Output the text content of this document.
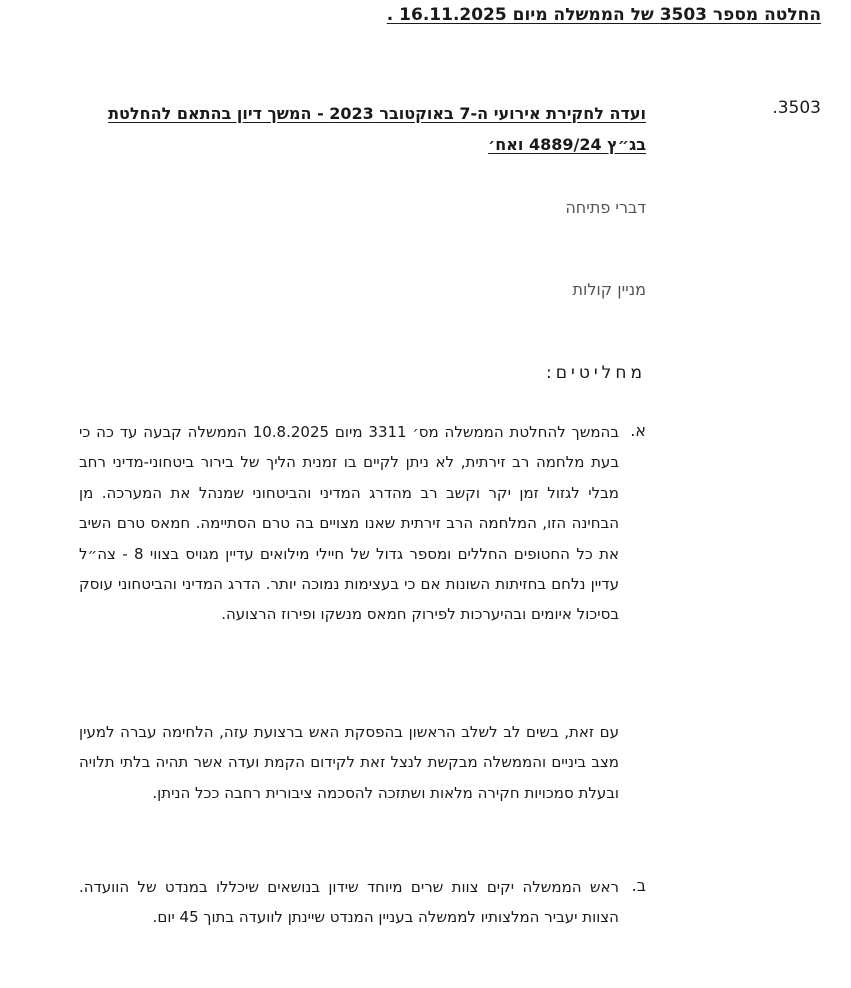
החלטה מספר 3503 של הממשלה מיום 16.11.2025 .
3503.
ועדה לחקירת אירועי ה-7 באוקטובר 2023 - המשך דיון בהתאם להחלטת בג״ץ 4889/24 ואח׳
דברי פתיחה
מניין קולות
מחליטים:
א.
בהמשך להחלטת הממשלה מס׳ 3311 מיום 10.8.2025 הממשלה קבעה עד כה כי בעת מלחמה רב זירתית, לא ניתן לקיים בו זמנית הליך של בירור ביטחוני-מדיני רחב מבלי לגזול זמן יקר וקשב רב מהדרג המדיני והביטחוני שמנהל את המערכה. מן הבחינה הזו, המלחמה הרב זירתית שאנו מצויים בה טרם הסתיימה. חמאס טרם השיב את כל החטופים החללים ומספר גדול של חיילי מילואים עדיין מגויס בצווי 8 - צה״ל עדיין נלחם בחזיתות השונות אם כי בעצימות נמוכה יותר. הדרג המדיני והביטחוני עוסק בסיכול איומים ובהיערכות לפירוק חמאס מנשקו ופירוז הרצועה.
עם זאת, בשים לב לשלב הראשון בהפסקת האש ברצועת עזה, הלחימה עברה למעין מצב ביניים והממשלה מבקשת לנצל זאת לקידום הקמת ועדה אשר תהיה בלתי תלויה ובעלת סמכויות חקירה מלאות ושתזכה להסכמה ציבורית רחבה ככל הניתן.
ב.
ראש הממשלה יקים צוות שרים מיוחד שידון בנושאים שיכללו במנדט של הוועדה. הצוות יעביר המלצותיו לממשלה בעניין המנדט שיינתן לוועדה בתוך 45 יום.
